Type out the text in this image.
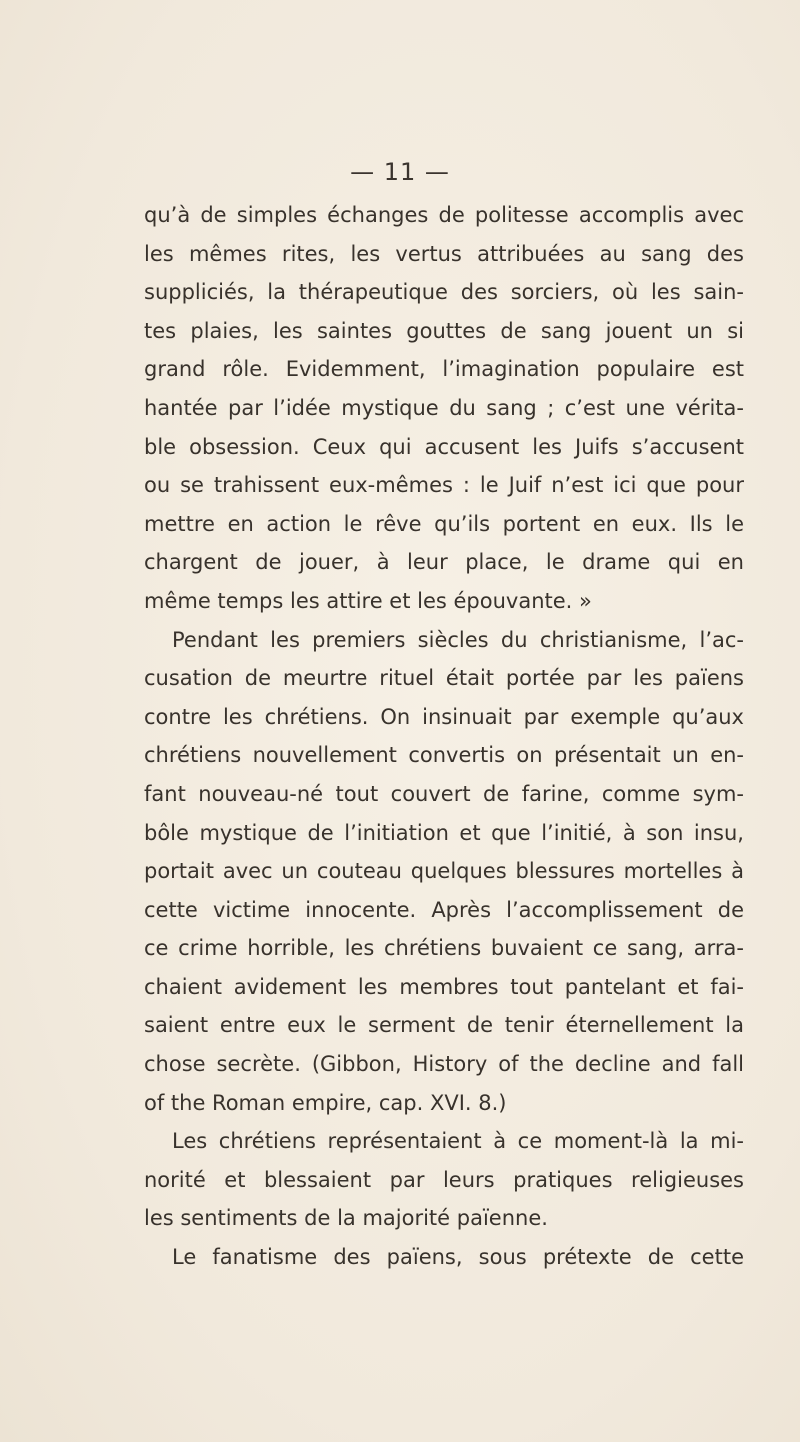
— 11 —
qu’à de simples échanges de politesse accomplis avec
les mêmes rites, les vertus attribuées au sang des
suppliciés, la thérapeutique des sorciers, où les sain-
tes plaies, les saintes gouttes de sang jouent un si
grand rôle. Evidemment, l’imagination populaire est
hantée par l’idée mystique du sang ; c’est une vérita-
ble obsession. Ceux qui accusent les Juifs s’accusent
ou se trahissent eux-mêmes : le Juif n’est ici que pour
mettre en action le rêve qu’ils portent en eux. Ils le
chargent de jouer, à leur place, le drame qui en
même temps les attire et les épouvante. »
Pendant les premiers siècles du christianisme, l’ac-
cusation de meurtre rituel était portée par les païens
contre les chrétiens. On insinuait par exemple qu’aux
chrétiens nouvellement convertis on présentait un en-
fant nouveau-né tout couvert de farine, comme sym-
bôle mystique de l’initiation et que l’initié, à son insu,
portait avec un couteau quelques blessures mortelles à
cette victime innocente. Après l’accomplissement de
ce crime horrible, les chrétiens buvaient ce sang, arra-
chaient avidement les membres tout pantelant et fai-
saient entre eux le serment de tenir éternellement la
chose secrète. (Gibbon, History of the decline and fall
of the Roman empire, cap. XVI. 8.)
Les chrétiens représentaient à ce moment-là la mi-
norité et blessaient par leurs pratiques religieuses
les sentiments de la majorité païenne.
Le fanatisme des païens, sous prétexte de cette
